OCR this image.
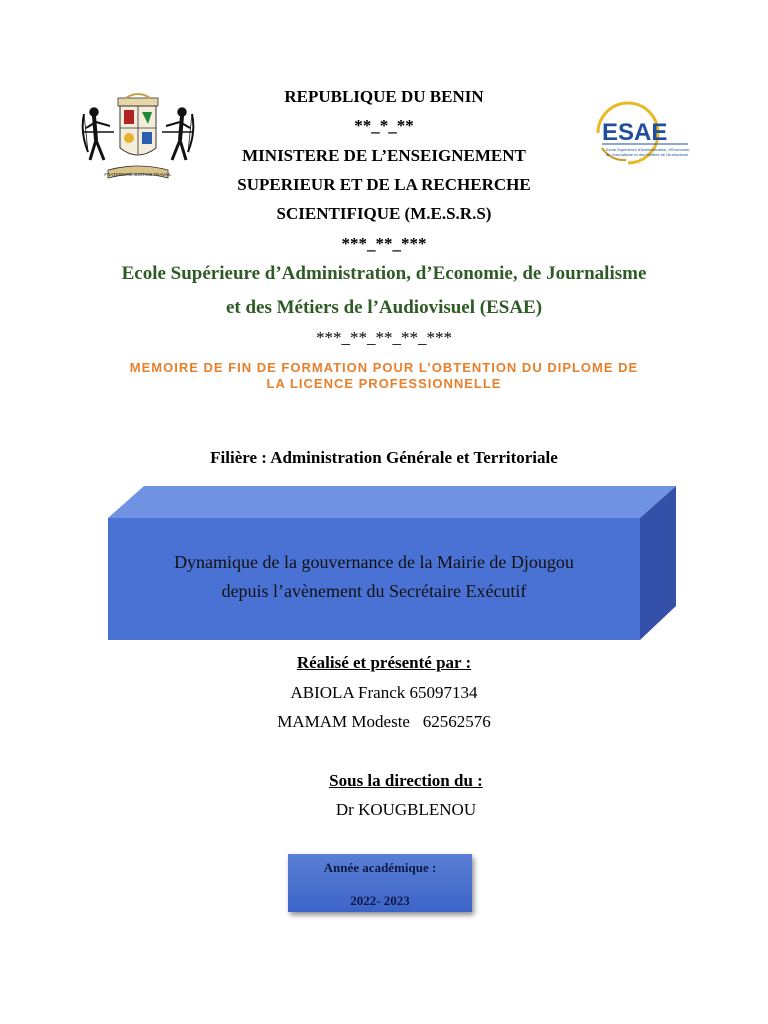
FRATERNITÉ JUSTICE TRAVAIL
ESAE
Ecole Supérieure d'Administration, d'Economie,
de Journalisme et des Métiers de l'Audiovisuel.
REPUBLIQUE DU BENIN
**_*_**
MINISTERE DE L’ENSEIGNEMENT
SUPERIEUR ET DE LA RECHERCHE
SCIENTIFIQUE (M.E.S.R.S)
***_**_***
Ecole Supérieure d’Administration, d’Economie, de Journalisme
et des Métiers de l’Audiovisuel (ESAE)
***_**_**_**_***
MEMOIRE DE FIN DE FORMATION POUR L’OBTENTION DU DIPLOME DE
LA LICENCE PROFESSIONNELLE
Filière : Administration Générale et Territoriale
Dynamique de la gouvernance de la Mairie de Djougou
depuis l’avènement du Secrétaire Exécutif
Réalisé et présenté par :
ABIOLA Franck 65097134
MAMAM Modeste   62562576
Sous la direction du :
Dr KOUGBLENOU
Année académique :
2022- 2023
